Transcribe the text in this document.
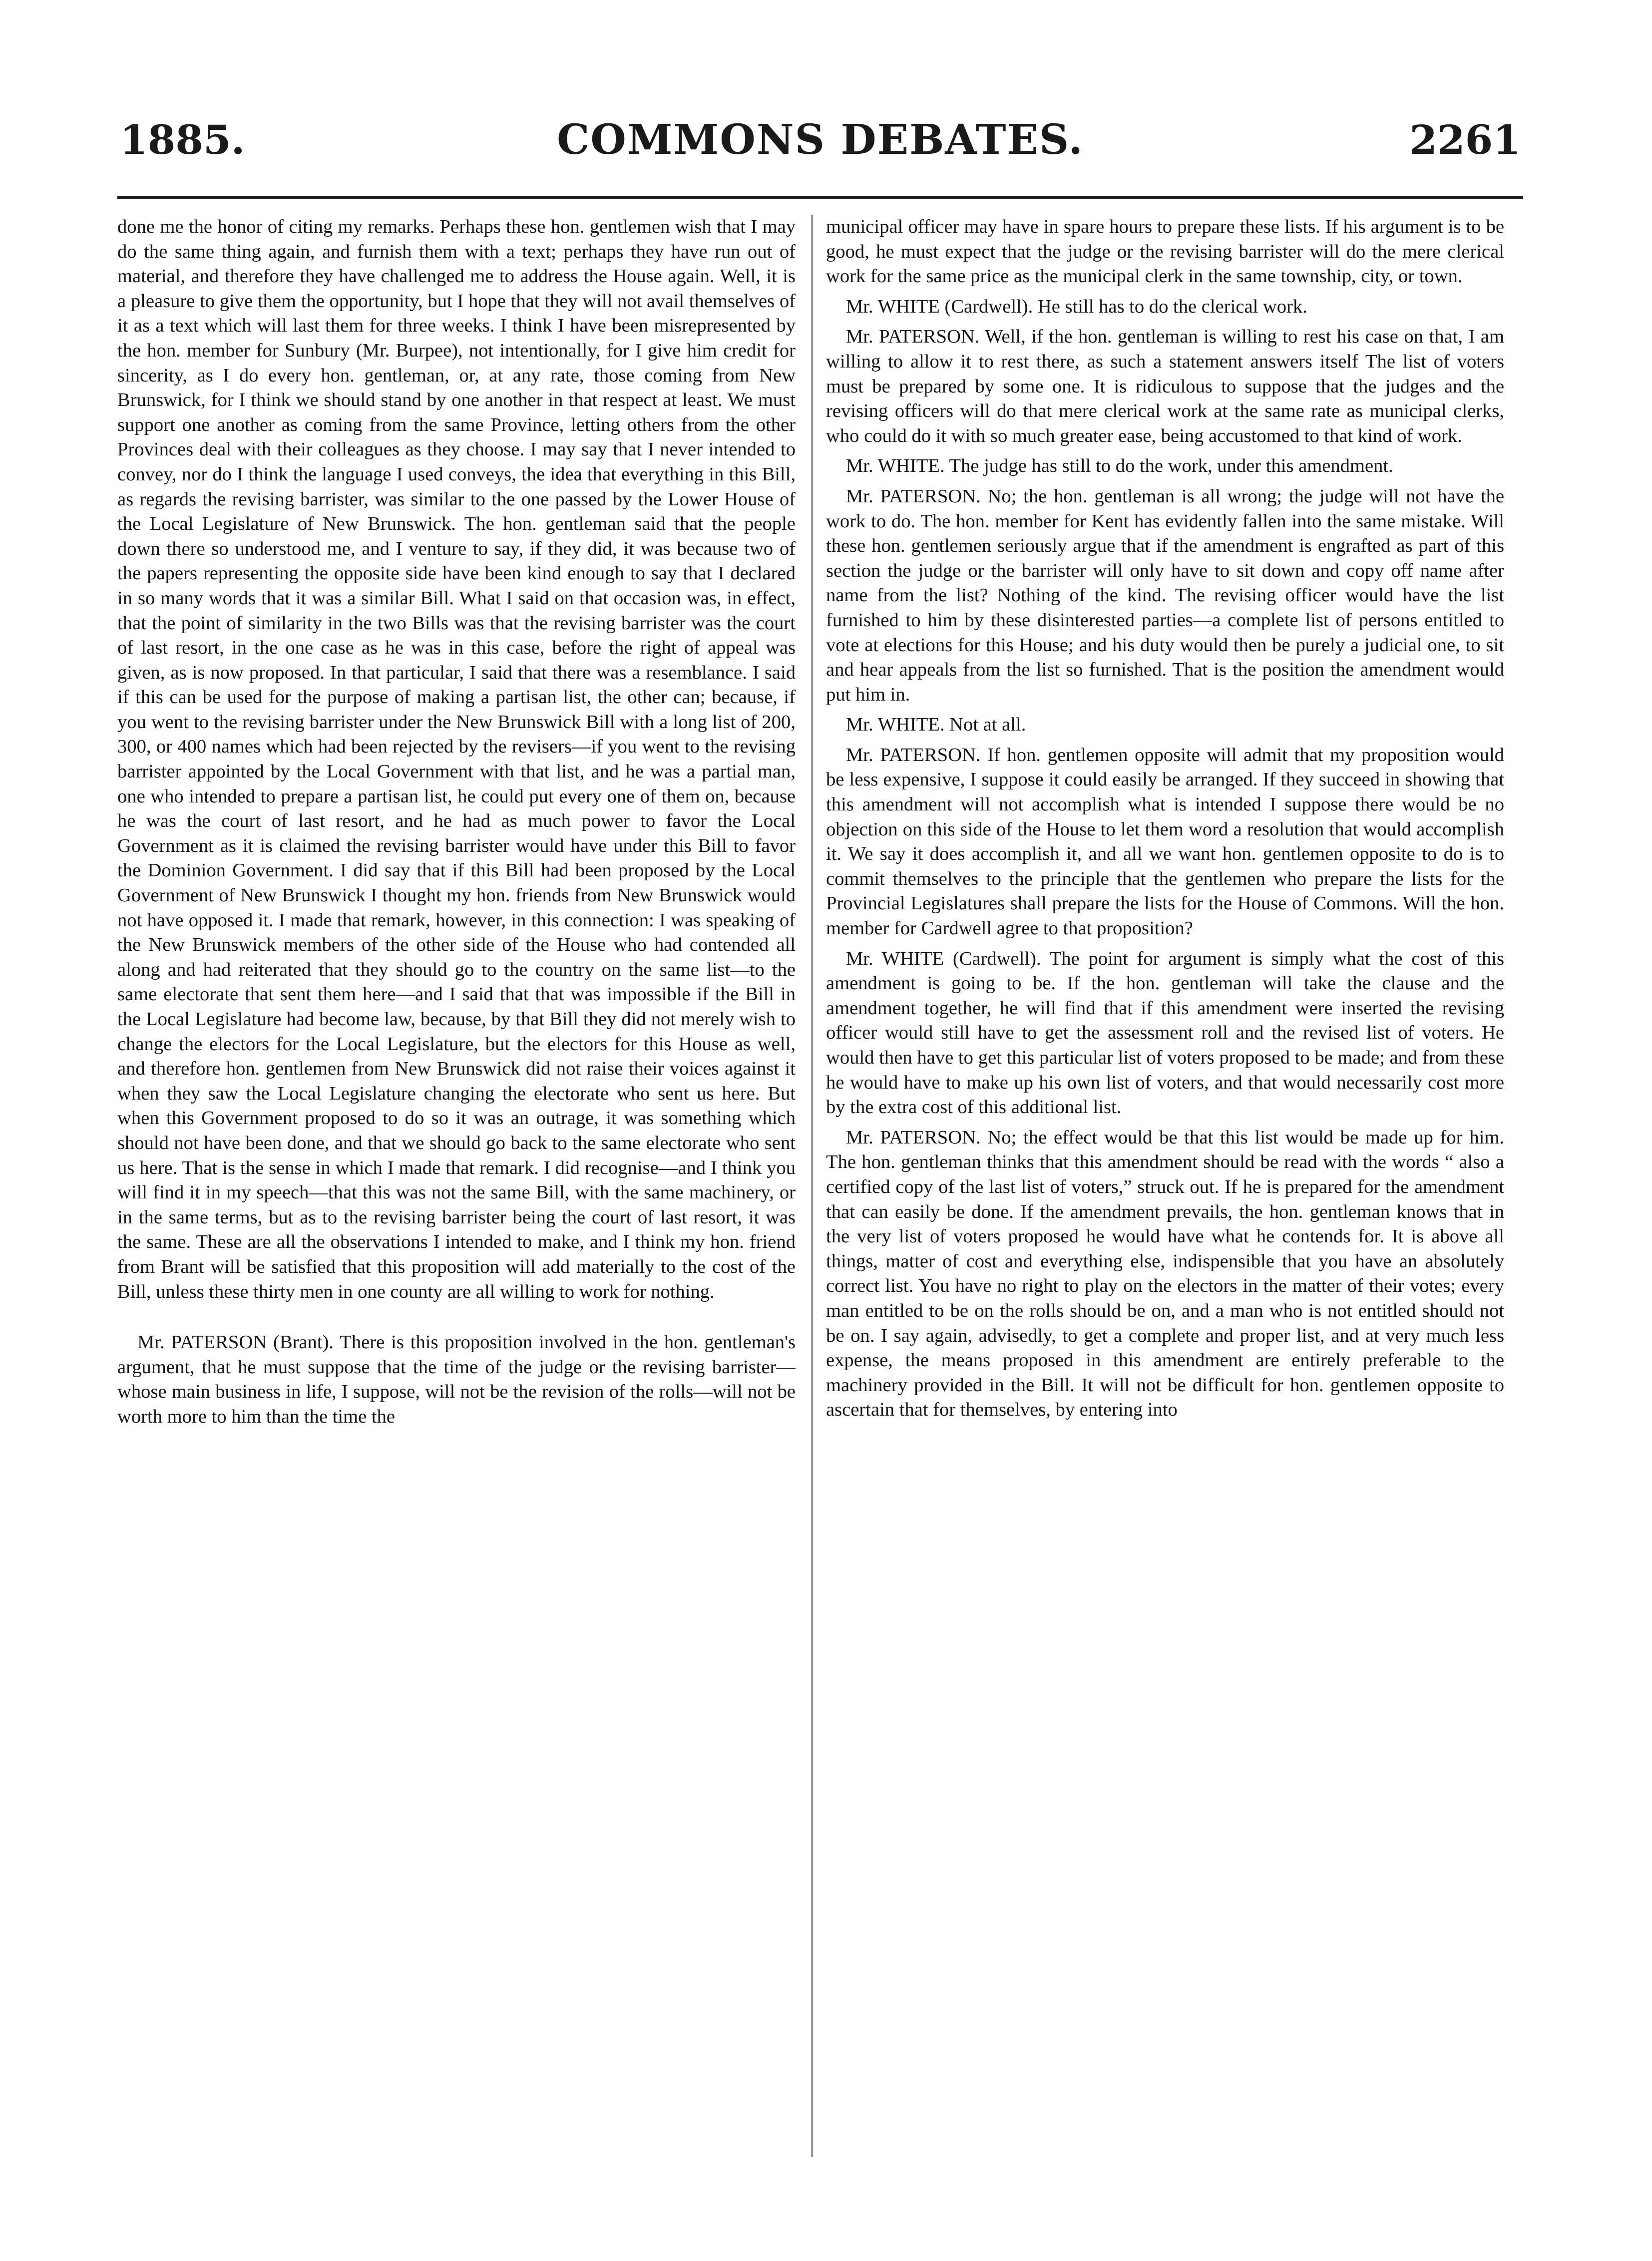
1885.	COMMONS DEBATES.	2261

done me the honor of citing my remarks. Perhaps these hon. gentlemen wish that I may do the same thing again, and furnish them with a text; perhaps they have run out of material, and therefore they have challenged me to address the House again. Well, it is a pleasure to give them the opportunity, but I hope that they will not avail themselves of it as a text which will last them for three weeks. I think I have been misrepresented by the hon. member for Sunbury (Mr. Burpee), not intentionally, for I give him credit for sincerity, as I do every hon. gentleman, or, at any rate, those coming from New Brunswick, for I think we should stand by one another in that respect at least. We must support one another as coming from the same Province, letting others from the other Provinces deal with their colleagues as they choose. I may say that I never intended to convey, nor do I think the language I used conveys, the idea that everything in this Bill, as regards the revising barrister, was similar to the one passed by the Lower House of the Local Legislature of New Brunswick. The hon. gentleman said that the people down there so understood me, and I venture to say, if they did, it was because two of the papers representing the opposite side have been kind enough to say that I declared in so many words that it was a similar Bill. What I said on that occasion was, in effect, that the point of similarity in the two Bills was that the revising barrister was the court of last resort, in the one case as he was in this case, before the right of appeal was given, as is now proposed. In that particular, I said that there was a resemblance. I said if this can be used for the purpose of making a partisan list, the other can; because, if you went to the revising barrister under the New Brunswick Bill with a long list of 200, 300, or 400 names which had been rejected by the revisers—if you went to the revising barrister appointed by the Local Government with that list, and he was a partial man, one who intended to prepare a partisan list, he could put every one of them on, because he was the court of last resort, and he had as much power to favor the Local Government as it is claimed the revising barrister would have under this Bill to favor the Dominion Government. I did say that if this Bill had been proposed by the Local Government of New Brunswick I thought my hon. friends from New Brunswick would not have opposed it. I made that remark, however, in this connection: I was speaking of the New Brunswick members of the other side of the House who had contended all along and had reiterated that they should go to the country on the same list—to the same electorate that sent them here—and I said that that was impossible if the Bill in the Local Legislature had become law, because, by that Bill they did not merely wish to change the electors for the Local Legislature, but the electors for this House as well, and therefore hon. gentlemen from New Brunswick did not raise their voices against it when they saw the Local Legislature changing the electorate who sent us here. But when this Government proposed to do so it was an outrage, it was something which should not have been done, and that we should go back to the same electorate who sent us here. That is the sense in which I made that remark. I did recognise—and I think you will find it in my speech—that this was not the same Bill, with the same machinery, or in the same terms, but as to the revising barrister being the court of last resort, it was the same. These are all the observations I intended to make, and I think my hon. friend from Brant will be satisfied that this proposition will add materially to the cost of the Bill, unless these thirty men in one county are all willing to work for nothing.

Mr. PATERSON (Brant). There is this proposition involved in the hon. gentleman's argument, that he must suppose that the time of the judge or the revising barrister—whose main business in life, I suppose, will not be the revision of the rolls—will not be worth more to him than the time the

municipal officer may have in spare hours to prepare these lists. If his argument is to be good, he must expect that the judge or the revising barrister will do the mere clerical work for the same price as the municipal clerk in the same township, city, or town.

Mr. WHITE (Cardwell). He still has to do the clerical work.

Mr. PATERSON. Well, if the hon. gentleman is willing to rest his case on that, I am willing to allow it to rest there, as such a statement answers itself The list of voters must be prepared by some one. It is ridiculous to suppose that the judges and the revising officers will do that mere clerical work at the same rate as municipal clerks, who could do it with so much greater ease, being accustomed to that kind of work.

Mr. WHITE. The judge has still to do the work, under this amendment.

Mr. PATERSON. No; the hon. gentleman is all wrong; the judge will not have the work to do. The hon. member for Kent has evidently fallen into the same mistake. Will these hon. gentlemen seriously argue that if the amendment is engrafted as part of this section the judge or the barrister will only have to sit down and copy off name after name from the list? Nothing of the kind. The revising officer would have the list furnished to him by these disinterested parties—a complete list of persons entitled to vote at elections for this House; and his duty would then be purely a judicial one, to sit and hear appeals from the list so furnished. That is the position the amendment would put him in.

Mr. WHITE. Not at all.

Mr. PATERSON. If hon. gentlemen opposite will admit that my proposition would be less expensive, I suppose it could easily be arranged. If they succeed in showing that this amendment will not accomplish what is intended I suppose there would be no objection on this side of the House to let them word a resolution that would accomplish it. We say it does accomplish it, and all we want hon. gentlemen opposite to do is to commit themselves to the principle that the gentlemen who prepare the lists for the Provincial Legislatures shall prepare the lists for the House of Commons. Will the hon. member for Cardwell agree to that proposition?

Mr. WHITE (Cardwell). The point for argument is simply what the cost of this amendment is going to be. If the hon. gentleman will take the clause and the amendment together, he will find that if this amendment were inserted the revising officer would still have to get the assessment roll and the revised list of voters. He would then have to get this particular list of voters proposed to be made; and from these he would have to make up his own list of voters, and that would necessarily cost more by the extra cost of this additional list.

Mr. PATERSON. No; the effect would be that this list would be made up for him. The hon. gentleman thinks that this amendment should be read with the words “ also a certified copy of the last list of voters,” struck out. If he is prepared for the amendment that can easily be done. If the amendment prevails, the hon. gentleman knows that in the very list of voters proposed he would have what he contends for. It is above all things, matter of cost and everything else, indispensible that you have an absolutely correct list. You have no right to play on the electors in the matter of their votes; every man entitled to be on the rolls should be on, and a man who is not entitled should not be on. I say again, advisedly, to get a complete and proper list, and at very much less expense, the means proposed in this amendment are entirely preferable to the machinery provided in the Bill. It will not be difficult for hon. gentlemen opposite to ascertain that for themselves, by entering into
